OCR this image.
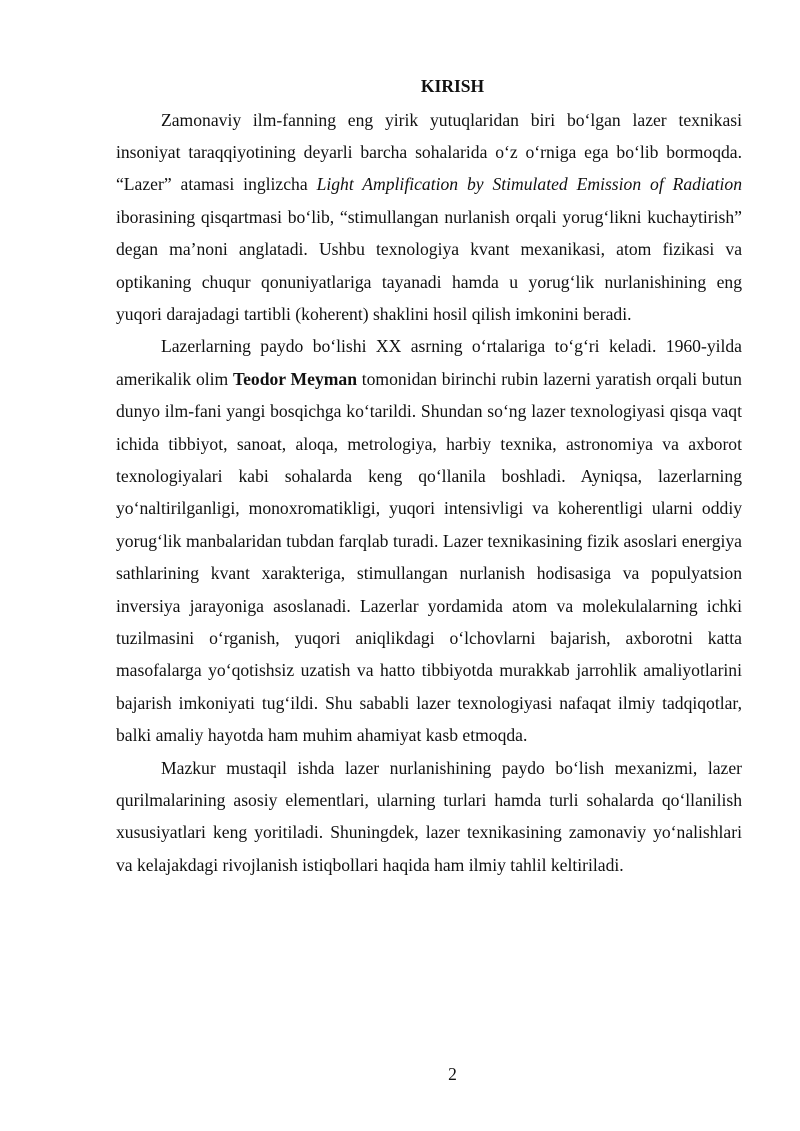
KIRISH

Zamonaviy ilm-fanning eng yirik yutuqlaridan biri bo‘lgan lazer texnikasi insoniyat taraqqiyotining deyarli barcha sohalarida o‘z o‘rniga ega bo‘lib bormoqda. “Lazer” atamasi inglizcha Light Amplification by Stimulated Emission of Radiation iborasining qisqartmasi bo‘lib, “stimullangan nurlanish orqali yorug‘likni kuchaytirish” degan ma’noni anglatadi. Ushbu texnologiya kvant mexanikasi, atom fizikasi va optikaning chuqur qonuniyatlariga tayanadi hamda u yorug‘lik nurlanishining eng yuqori darajadagi tartibli (koherent) shaklini hosil qilish imkonini beradi.

Lazerlarning paydo bo‘lishi XX asrning o‘rtalariga to‘g‘ri keladi. 1960-yilda amerikalik olim Teodor Meyman tomonidan birinchi rubin lazerni yaratish orqali butun dunyo ilm-fani yangi bosqichga ko‘tarildi. Shundan so‘ng lazer texnologiyasi qisqa vaqt ichida tibbiyot, sanoat, aloqa, metrologiya, harbiy texnika, astronomiya va axborot texnologiyalari kabi sohalarda keng qo‘llanila boshladi. Ayniqsa, lazerlarning yo‘naltirilganligi, monoxromatikligi, yuqori intensivligi va koherentligi ularni oddiy yorug‘lik manbalaridan tubdan farqlab turadi. Lazer texnikasining fizik asoslari energiya sathlarining kvant xarakteriga, stimullangan nurlanish hodisasiga va populyatsion inversiya jarayoniga asoslanadi. Lazerlar yordamida atom va molekulalarning ichki tuzilmasini o‘rganish, yuqori aniqlikdagi o‘lchovlarni bajarish, axborotni katta masofalarga yo‘qotishsiz uzatish va hatto tibbiyotda murakkab jarrohlik amaliyotlarini bajarish imkoniyati tug‘ildi. Shu sababli lazer texnologiyasi nafaqat ilmiy tadqiqotlar, balki amaliy hayotda ham muhim ahamiyat kasb etmoqda.

Mazkur mustaqil ishda lazer nurlanishining paydo bo‘lish mexanizmi, lazer qurilmalarining asosiy elementlari, ularning turlari hamda turli sohalarda qo‘llanilish xususiyatlari keng yoritiladi. Shuningdek, lazer texnikasining zamonaviy yo‘nalishlari va kelajakdagi rivojlanish istiqbollari haqida ham ilmiy tahlil keltiriladi.

2
